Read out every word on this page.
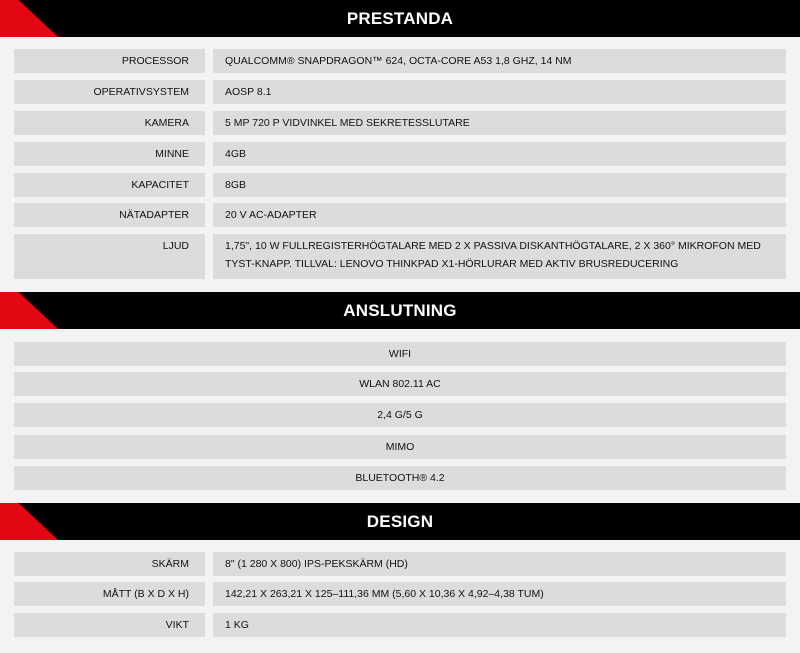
PRESTANDA
PROCESSOR	QUALCOMM® SNAPDRAGON™ 624, OCTA-CORE A53 1,8 GHZ, 14 NM
OPERATIVSYSTEM	AOSP 8.1
KAMERA	5 MP 720 P VIDVINKEL MED SEKRETESSLUTARE
MINNE	4GB
KAPACITET	8GB
NÄTADAPTER	20 V AC-ADAPTER
LJUD	1,75", 10 W FULLREGISTERHÖGTALARE MED 2 X PASSIVA DISKANTHÖGTALARE, 2 X 360° MIKROFON MED TYST-KNAPP. TILLVAL: LENOVO THINKPAD X1-HÖRLURAR MED AKTIV BRUSREDUCERING
ANSLUTNING
WIFI
WLAN 802.11 AC
2,4 G/5 G
MIMO
BLUETOOTH® 4.2
DESIGN
SKÄRM	8" (1 280 X 800) IPS-PEKSKÄRM (HD)
MÅTT (B X D X H)	142,21 X 263,21 X 125–111,36 MM (5,60 X 10,36 X 4,92–4,38 TUM)
VIKT	1 KG
